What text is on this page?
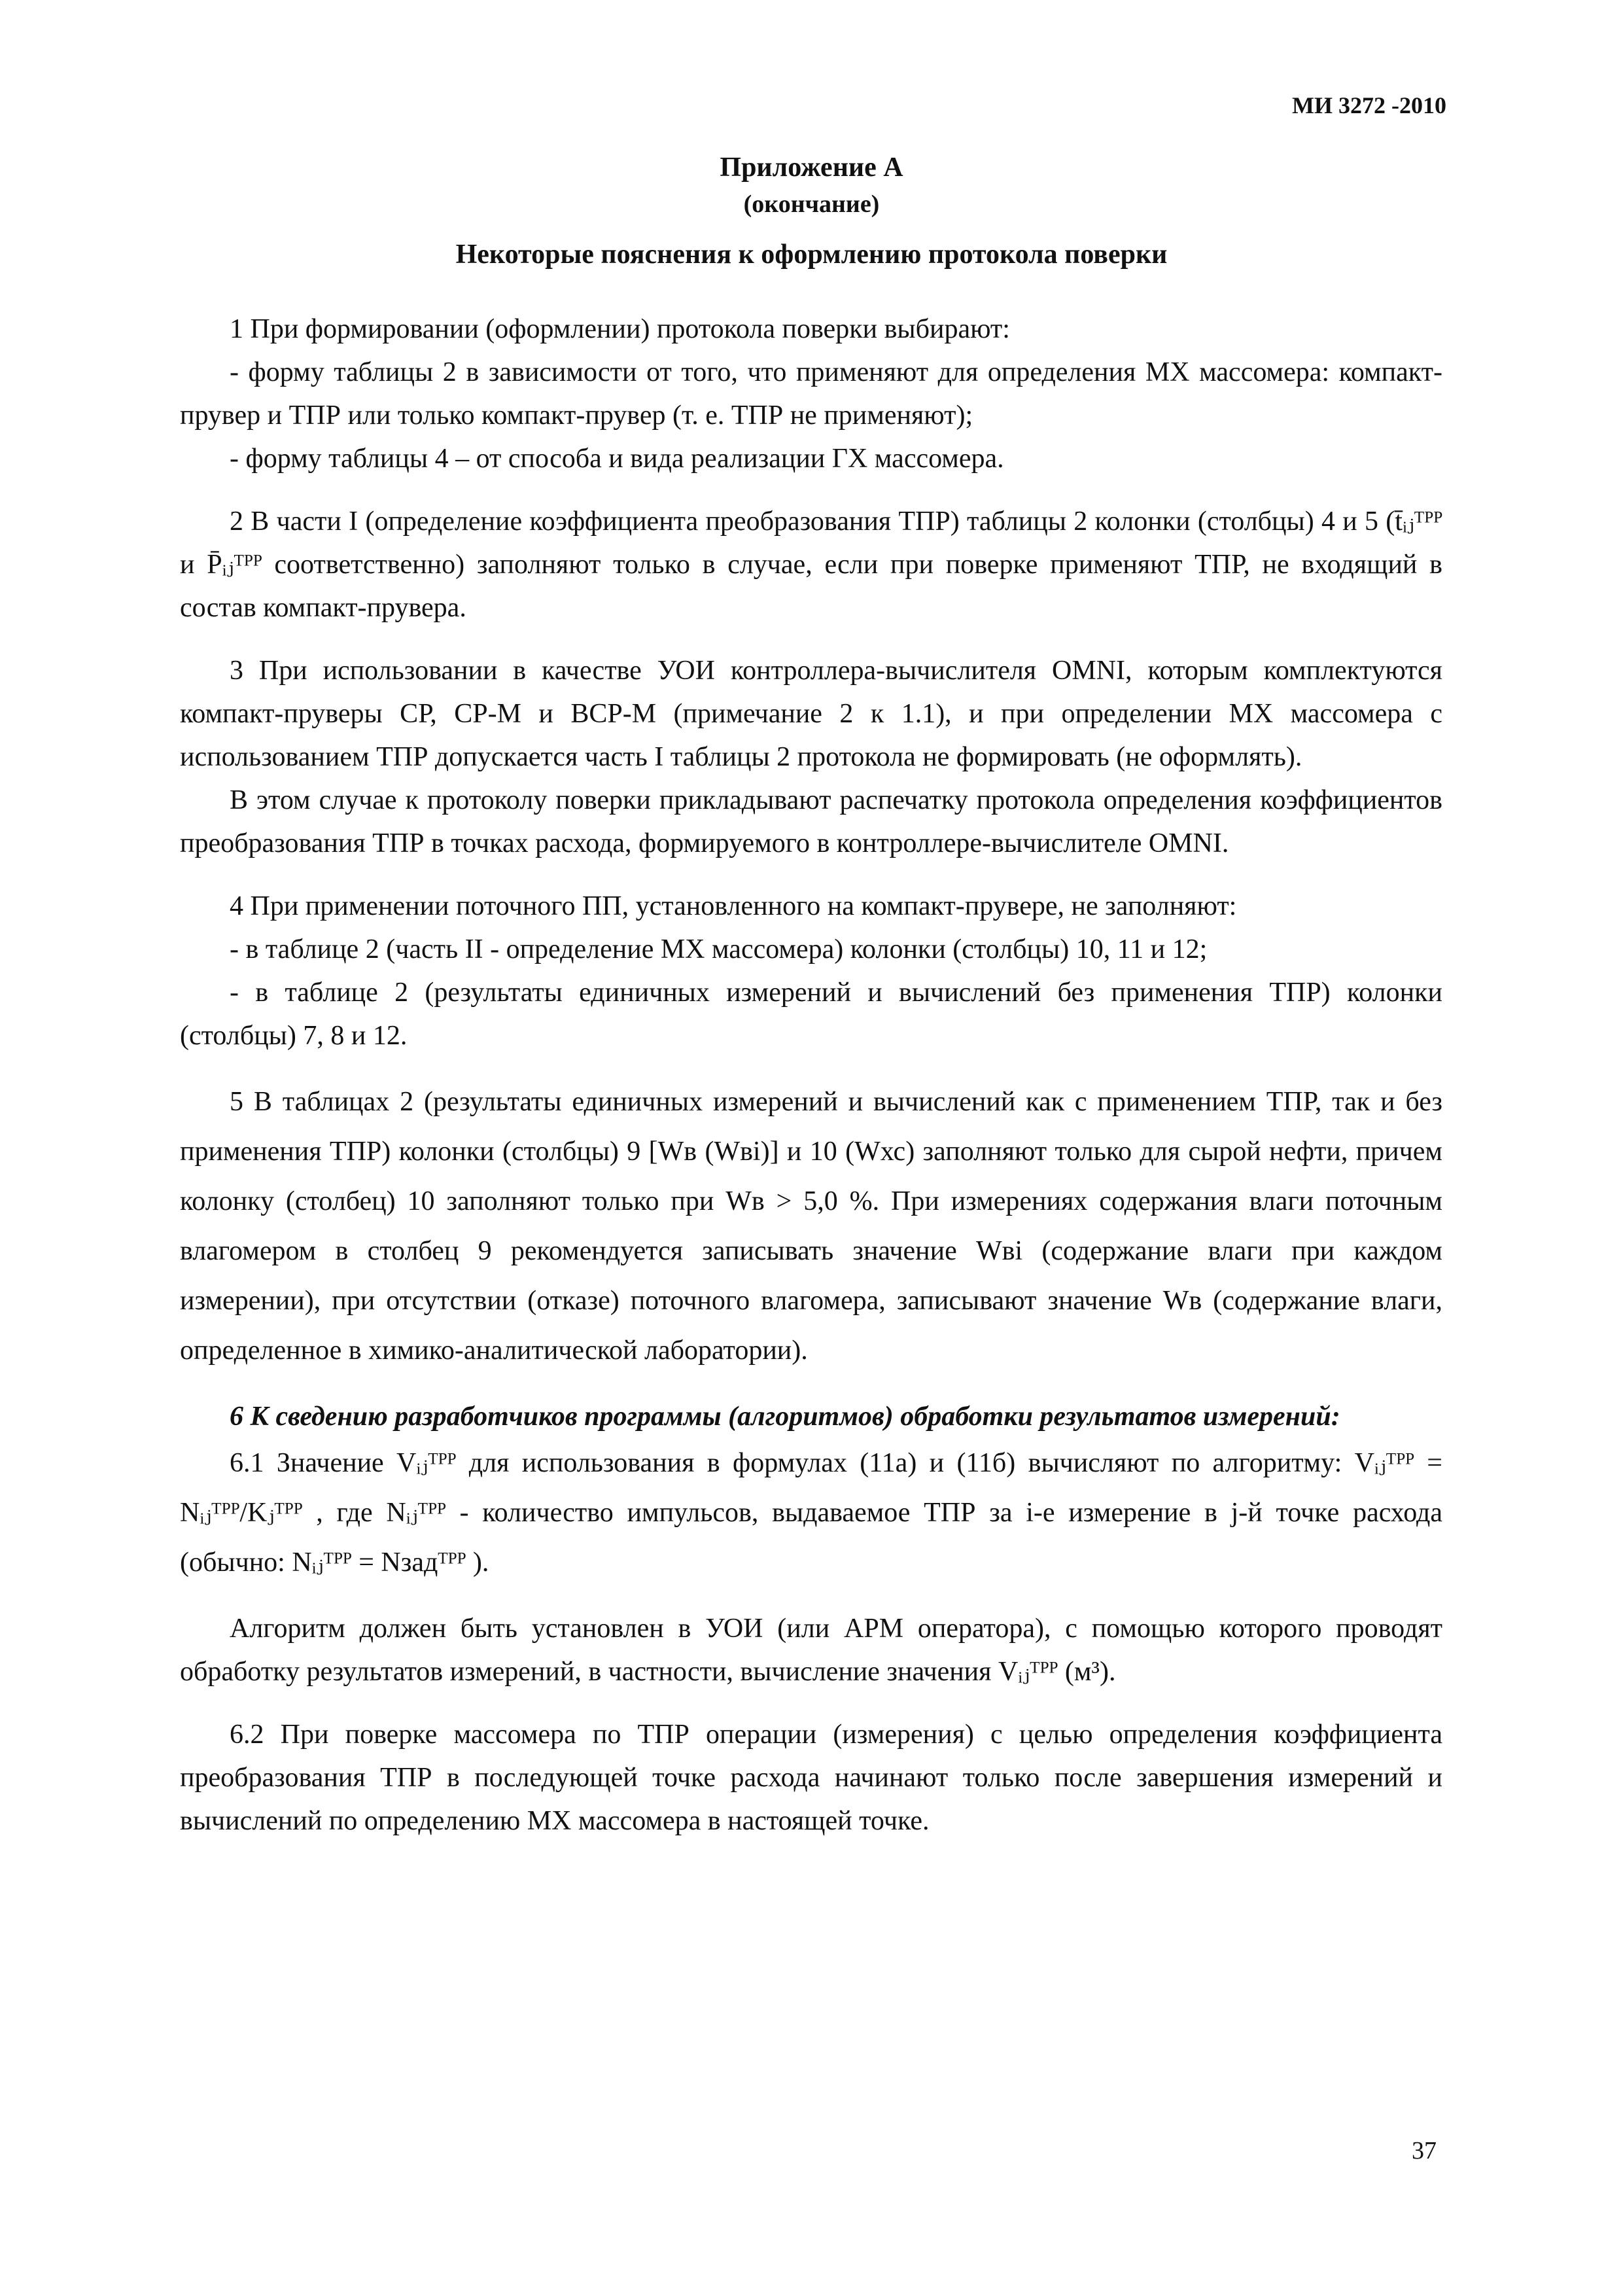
МИ 3272 -2010
Приложение А
(окончание)
Некоторые пояснения к оформлению протокола поверки

1 При формировании (оформлении) протокола поверки выбирают:

- форму таблицы 2 в зависимости от того, что применяют для определения МХ массомера: компакт-прувер и ТПР или только компакт-прувер (т. е. ТПР не применяют);

- форму таблицы 4 – от способа и вида реализации ГХ массомера.

2 В части I (определение коэффициента преобразования ТПР) таблицы 2 колонки (столбцы) 4 и 5 (t̄ᵢⱼᵀᴾᴾ и P̄ᵢⱼᵀᴾᴾ соответственно) заполняют только в случае, если при поверке применяют ТПР, не входящий в состав компакт-прувера.

3 При использовании в качестве УОИ контроллера-вычислителя OMNI, которым комплектуются компакт-пруверы СР, СР-М и ВСР-М (примечание 2 к 1.1), и при определении МХ массомера с использованием ТПР допускается часть I таблицы 2 протокола не формировать (не оформлять).

В этом случае к протоколу поверки прикладывают распечатку протокола определения коэффициентов преобразования ТПР в точках расхода, формируемого в контроллере-вычислителе OMNI.

4 При применении поточного ПП, установленного на компакт-прувере, не заполняют:

- в таблице 2 (часть II - определение МХ массомера) колонки (столбцы) 10, 11 и 12;

- в таблице 2 (результаты единичных измерений и вычислений без применения ТПР) колонки (столбцы) 7, 8 и 12.

5 В таблицах 2 (результаты единичных измерений и вычислений как с применением ТПР, так и без применения ТПР) колонки (столбцы) 9 [Wв (Wвi)] и 10 (Wхс) заполняют только для сырой нефти, причем колонку (столбец) 10 заполняют только при Wв > 5,0 %. При измерениях содержания влаги поточным влагомером в столбец 9 рекомендуется записывать значение Wвi (содержание влаги при каждом измерении), при отсутствии (отказе) поточного влагомера, записывают значение Wв (содержание влаги, определенное в химико-аналитической лаборатории).

6 К сведению разработчиков программы (алгоритмов) обработки результатов измерений:

6.1 Значение Vᵢⱼᵀᴾᴾ для использования в формулах (11а) и (11б) вычисляют по алгоритму: Vᵢⱼᵀᴾᴾ = Nᵢⱼᵀᴾᴾ/Kⱼᵀᴾᴾ , где Nᵢⱼᵀᴾᴾ - количество импульсов, выдаваемое ТПР за i-е измерение в j-й точке расхода (обычно: Nᵢⱼᵀᴾᴾ = Nзадᵀᴾᴾ ).

Алгоритм должен быть установлен в УОИ (или АРМ оператора), с помощью которого проводят обработку результатов измерений, в частности, вычисление значения Vᵢⱼᵀᴾᴾ (м³).

6.2 При поверке массомера по ТПР операции (измерения) с целью определения коэффициента преобразования ТПР в последующей точке расхода начинают только после завершения измерений и вычислений по определению МХ массомера в настоящей точке.

37
